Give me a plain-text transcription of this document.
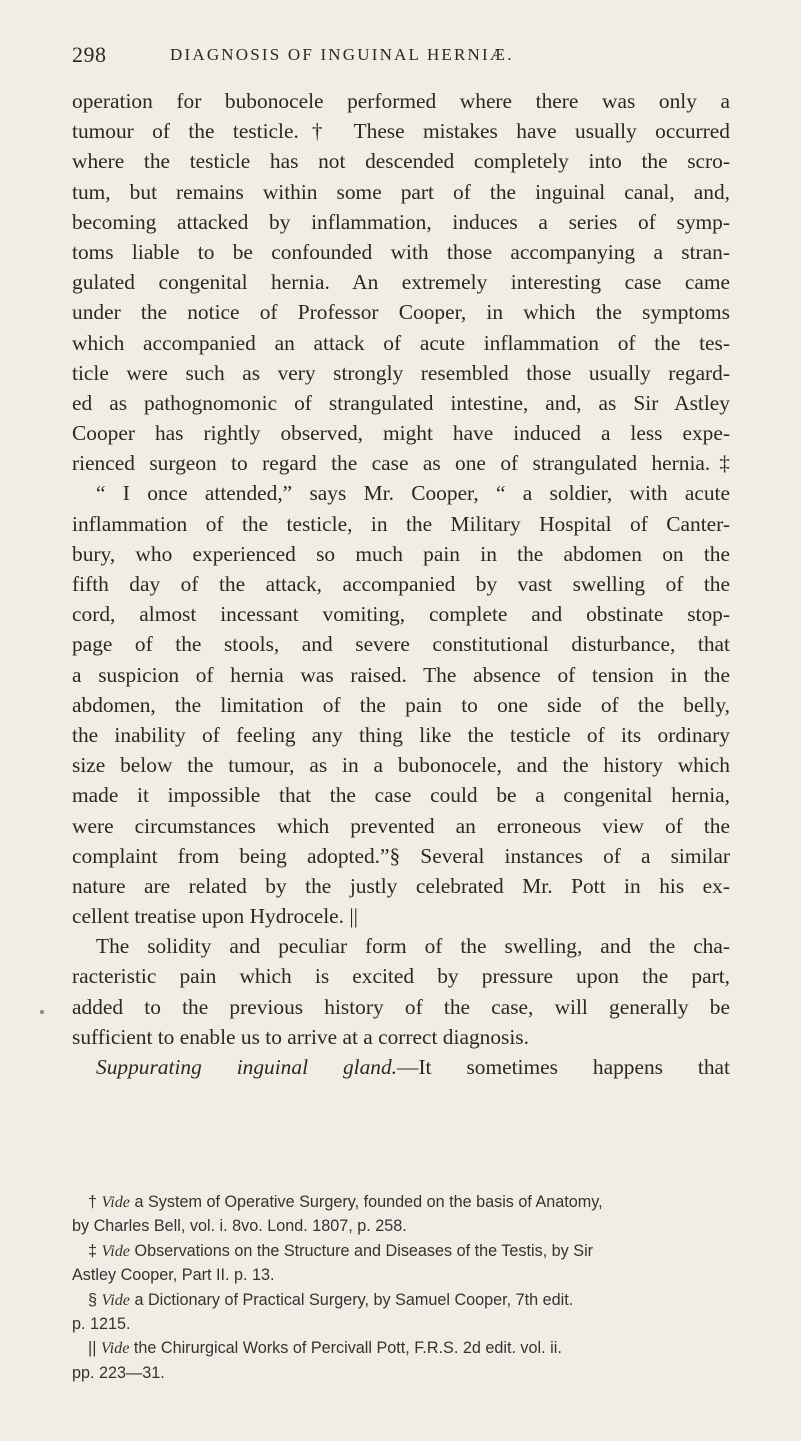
298	DIAGNOSIS OF INGUINAL HERNIÆ.
operation for bubonocele performed where there was only a
tumour of the testicle.† These mistakes have usually occurred
where the testicle has not descended completely into the scro-
tum, but remains within some part of the inguinal canal, and,
becoming attacked by inflammation, induces a series of symp-
toms liable to be confounded with those accompanying a stran-
gulated congenital hernia. An extremely interesting case came
under the notice of Professor Cooper, in which the symptoms
which accompanied an attack of acute inflammation of the tes-
ticle were such as very strongly resembled those usually regard-
ed as pathognomonic of strangulated intestine, and, as Sir Astley
Cooper has rightly observed, might have induced a less expe-
rienced surgeon to regard the case as one of strangulated hernia.‡
“ I once attended,” says Mr. Cooper, “ a soldier, with acute
inflammation of the testicle, in the Military Hospital of Canter-
bury, who experienced so much pain in the abdomen on the
fifth day of the attack, accompanied by vast swelling of the
cord, almost incessant vomiting, complete and obstinate stop-
page of the stools, and severe constitutional disturbance, that
a suspicion of hernia was raised. The absence of tension in the
abdomen, the limitation of the pain to one side of the belly,
the inability of feeling any thing like the testicle of its ordinary
size below the tumour, as in a bubonocele, and the history which
made it impossible that the case could be a congenital hernia,
were circumstances which prevented an erroneous view of the
complaint from being adopted.”§ Several instances of a similar
nature are related by the justly celebrated Mr. Pott in his ex-
cellent treatise upon Hydrocele. ||
The solidity and peculiar form of the swelling, and the cha-
racteristic pain which is excited by pressure upon the part,
added to the previous history of the case, will generally be
sufficient to enable us to arrive at a correct diagnosis.
Suppurating inguinal gland.—It sometimes happens that
† Vide a System of Operative Surgery, founded on the basis of Anatomy,
by Charles Bell, vol. i. 8vo. Lond. 1807, p. 258.
‡ Vide Observations on the Structure and Diseases of the Testis, by Sir
Astley Cooper, Part II. p. 13.
§ Vide a Dictionary of Practical Surgery, by Samuel Cooper, 7th edit.
p. 1215.
|| Vide the Chirurgical Works of Percivall Pott, F.R.S. 2d edit. vol. ii.
pp. 223—31.
